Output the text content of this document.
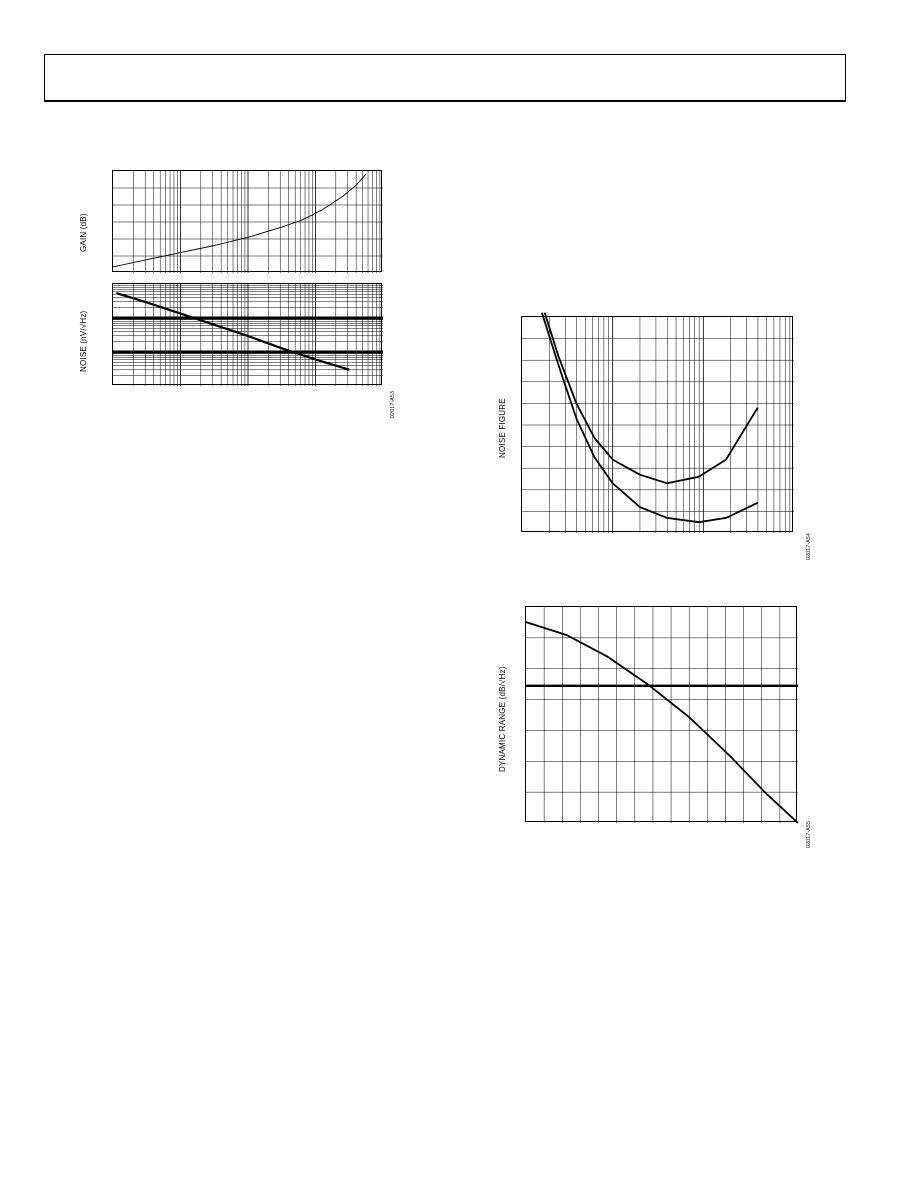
GAIN (dB)
NOISE (nV/√Hz)
02017-A53	NOISE FIGURE
02017-A54
DYNAMIC RANGE (dB/√Hz)
02017-A55
